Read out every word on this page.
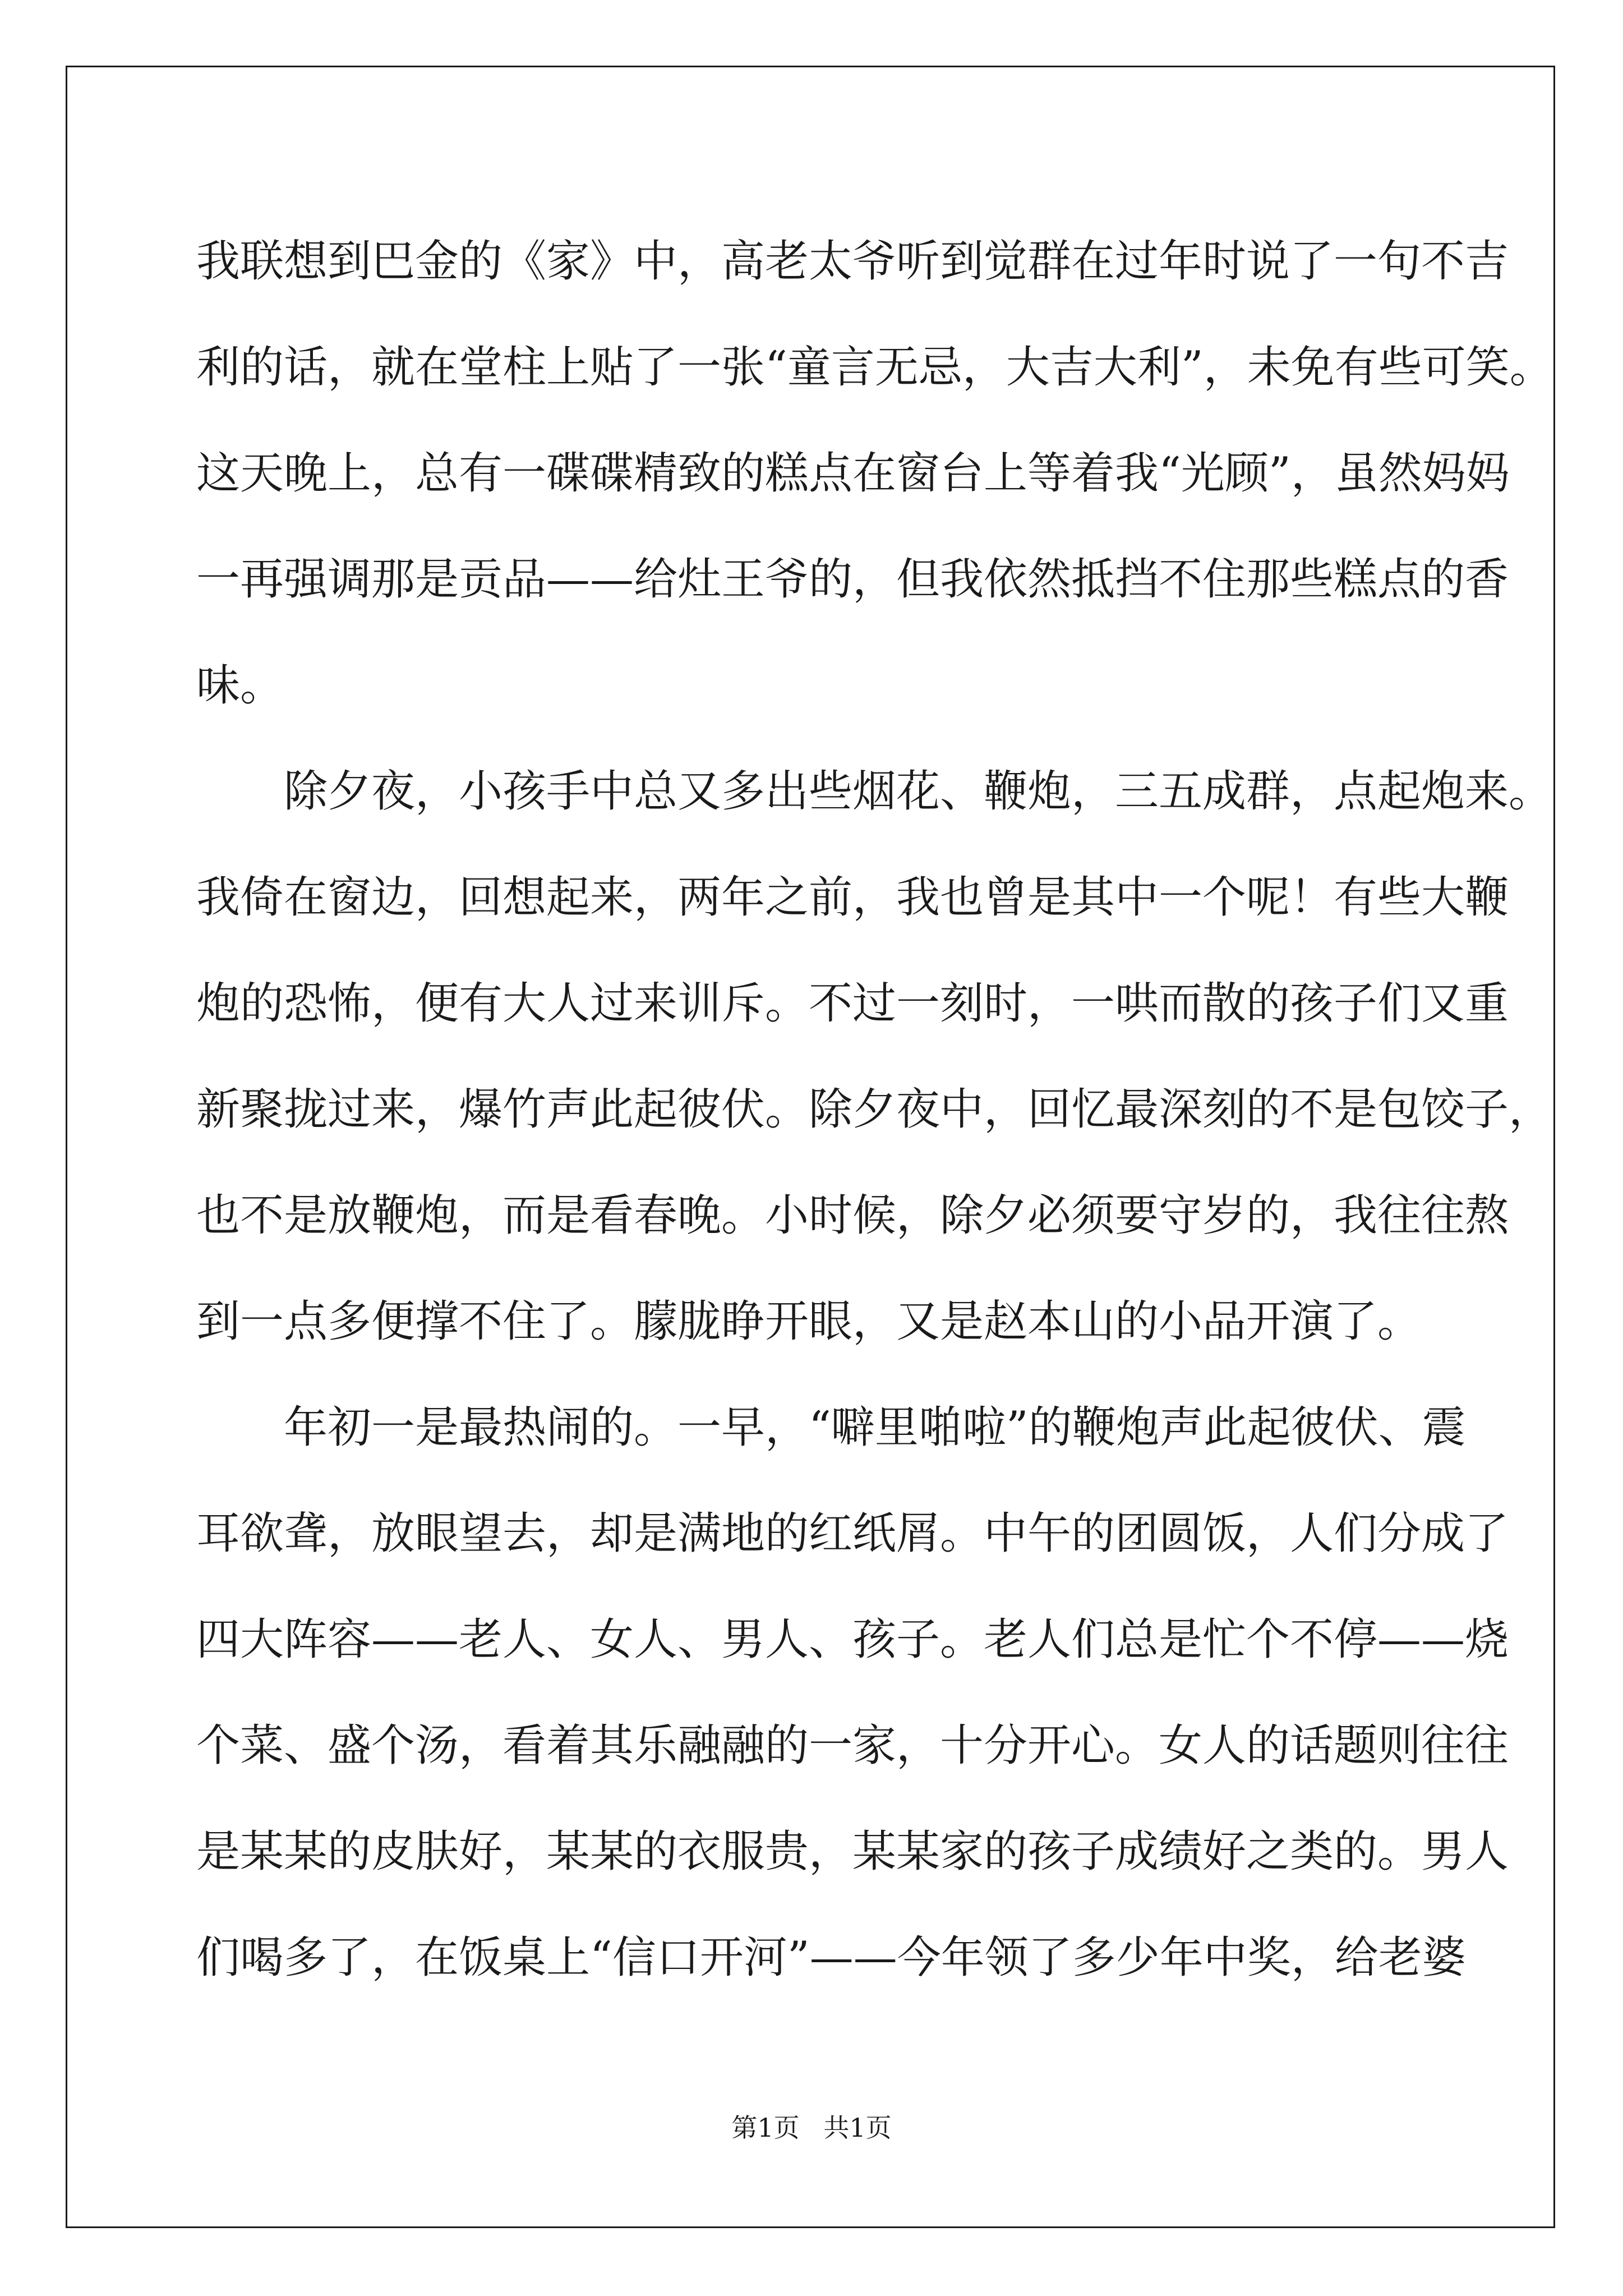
我联想到巴金的《家》中，高老太爷听到觉群在过年时说了一句不吉
利的话，就在堂柱上贴了一张“童言无忌，大吉大利”，未免有些可笑。
这天晚上，总有一碟碟精致的糕点在窗台上等着我“光顾”，虽然妈妈
一再强调那是贡品——给灶王爷的，但我依然抵挡不住那些糕点的香
味。
除夕夜，小孩手中总又多出些烟花、鞭炮，三五成群，点起炮来。
我倚在窗边，回想起来，两年之前，我也曾是其中一个呢！有些大鞭
炮的恐怖，便有大人过来训斥。不过一刻时，一哄而散的孩子们又重
新聚拢过来，爆竹声此起彼伏。除夕夜中，回忆最深刻的不是包饺子，
也不是放鞭炮，而是看春晚。小时候，除夕必须要守岁的，我往往熬
到一点多便撑不住了。朦胧睁开眼，又是赵本山的小品开演了。
年初一是最热闹的。一早，“噼里啪啦”的鞭炮声此起彼伏、震
耳欲聋，放眼望去，却是满地的红纸屑。中午的团圆饭，人们分成了
四大阵容——老人、女人、男人、孩子。老人们总是忙个不停——烧
个菜、盛个汤，看着其乐融融的一家，十分开心。女人的话题则往往
是某某的皮肤好，某某的衣服贵，某某家的孩子成绩好之类的。男人
们喝多了，在饭桌上“信口开河”——今年领了多少年中奖，给老婆
第1页 共1页
